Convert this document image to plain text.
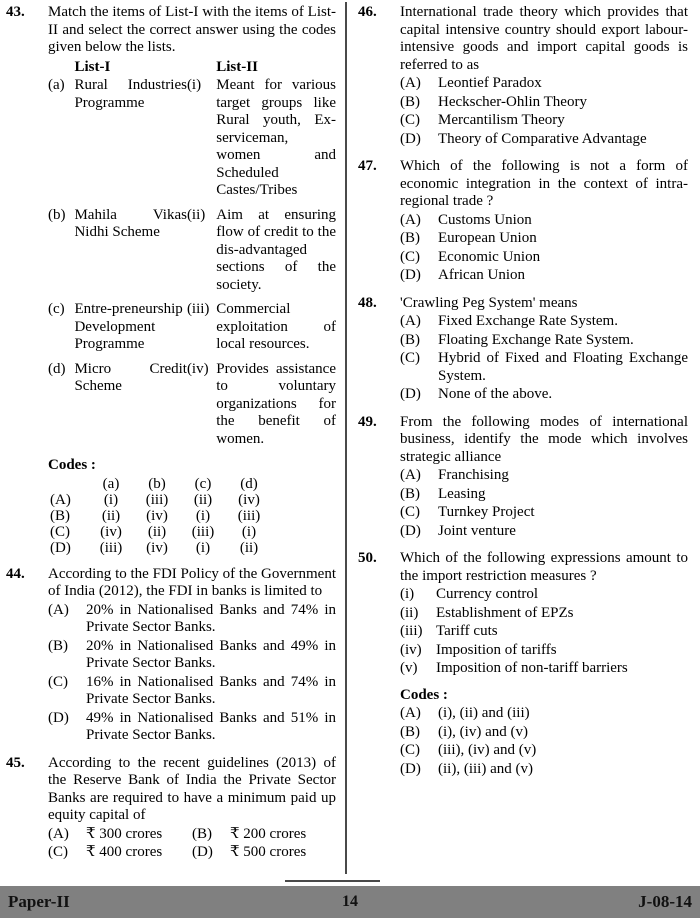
43.	Match the items of List-I with the items of List-II and select the correct answer using the codes given below the lists.
	List-I		List-II
(a)	Rural Industries Programme	(i)	Meant for various target groups like Rural youth, Ex-serviceman, women and Scheduled Castes/Tribes
(b)	Mahila Vikas Nidhi Scheme	(ii)	Aim at ensuring flow of credit to the dis-advantaged sections of the society.
(c)	Entre-preneurship Development Programme	(iii)	Commercial exploitation of local resources.
(d)	Micro Credit Scheme	(iv)	Provides assistance to voluntary organizations for the benefit of women.
Codes :
	(a)	(b)	(c)	(d)
(A)	(i)	(iii)	(ii)	(iv)
(B)	(ii)	(iv)	(i)	(iii)
(C)	(iv)	(ii)	(iii)	(i)
(D)	(iii)	(iv)	(i)	(ii)
44.	According to the FDI Policy of the Government of India (2012), the FDI in banks is limited to
(A)	20% in Nationalised Banks and 74% in Private Sector Banks.
(B)	20% in Nationalised Banks and 49% in Private Sector Banks.
(C)	16% in Nationalised Banks and 74% in Private Sector Banks.
(D)	49% in Nationalised Banks and 51% in Private Sector Banks.
45.	According to the recent guidelines (2013) of the Reserve Bank of India the Private Sector Banks are required to have a minimum paid up equity capital of
(A)	₹ 300 crores	(B)	₹ 200 crores
(C)	₹ 400 crores	(D)	₹ 500 crores
46.	International trade theory which provides that capital intensive country should export labour-intensive goods and import capital goods is referred to as
(A)	Leontief Paradox
(B)	Heckscher-Ohlin Theory
(C)	Mercantilism Theory
(D)	Theory of Comparative Advantage
47.	Which of the following is not a form of economic integration in the context of intra-regional trade ?
(A)	Customs Union
(B)	European Union
(C)	Economic Union
(D)	African Union
48.	'Crawling Peg System' means
(A)	Fixed Exchange Rate System.
(B)	Floating Exchange Rate System.
(C)	Hybrid of Fixed and Floating Exchange System.
(D)	None of the above.
49.	From the following modes of international business, identify the mode which involves strategic alliance
(A)	Franchising
(B)	Leasing
(C)	Turnkey Project
(D)	Joint venture
50.	Which of the following expressions amount to the import restriction measures ?
(i)	Currency control
(ii)	Establishment of EPZs
(iii) Tariff cuts
(iv) Imposition of tariffs
(v)	Imposition of non-tariff barriers
Codes :
(A)	(i), (ii) and (iii)
(B)	(i), (iv) and (v)
(C)	(iii), (iv) and (v)
(D)	(ii), (iii) and (v)
Paper-II	14	J-08-14
